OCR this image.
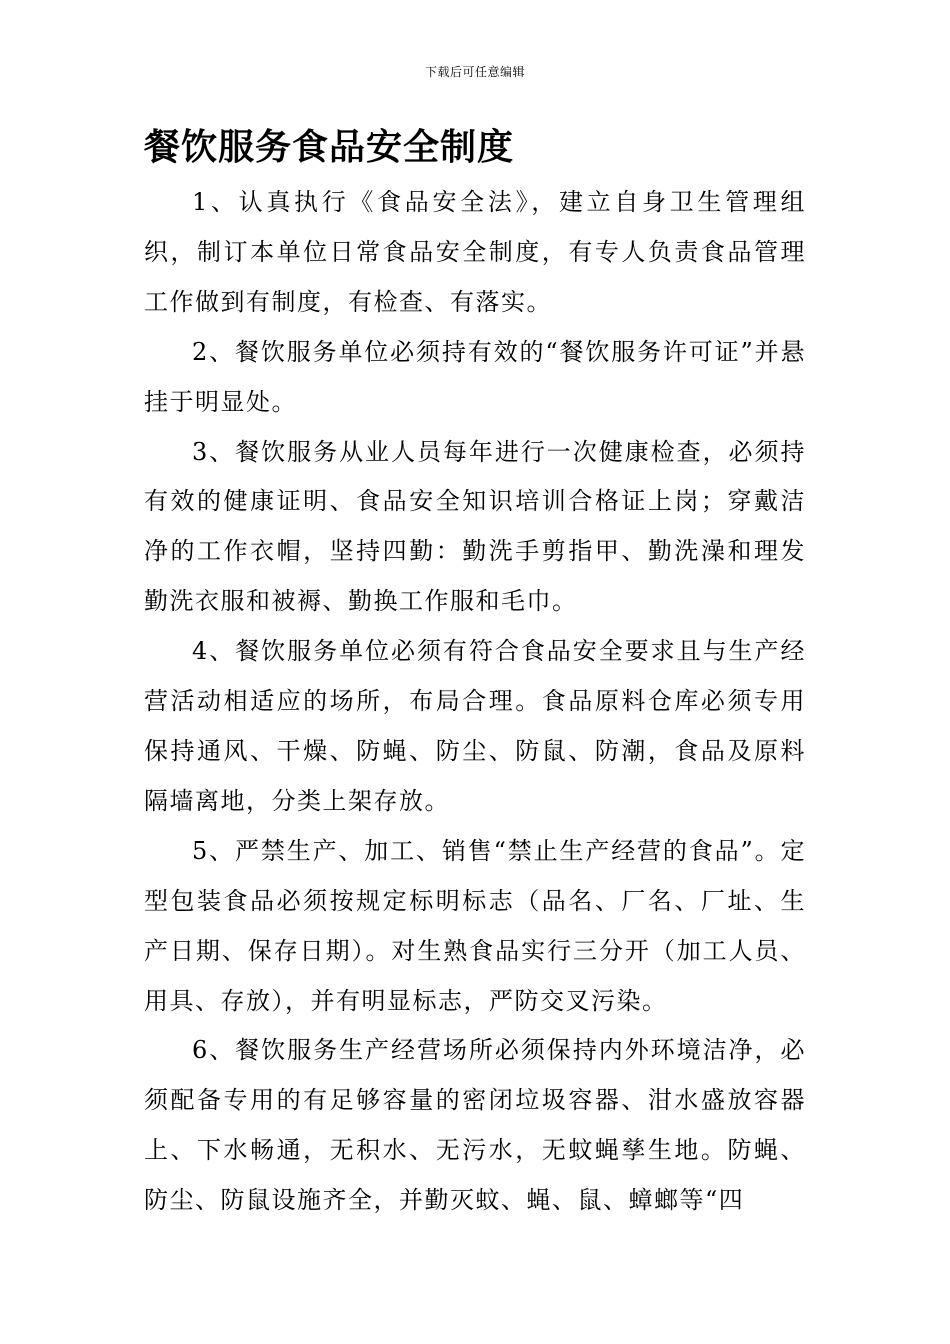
下载后可任意编辑
餐饮服务食品安全制度

1、认真执行《食品安全法》，建立自身卫生管理组织，制订本单位日常食品安全制度，有专人负责食品管理工作做到有制度，有检查、有落实。

2、餐饮服务单位必须持有效的“餐饮服务许可证”并悬挂于明显处。

3、餐饮服务从业人员每年进行一次健康检查，必须持有效的健康证明、食品安全知识培训合格证上岗；穿戴洁净的工作衣帽，坚持四勤：勤洗手剪指甲、勤洗澡和理发勤洗衣服和被褥、勤换工作服和毛巾。

4、餐饮服务单位必须有符合食品安全要求且与生产经营活动相适应的场所，布局合理。食品原料仓库必须专用保持通风、干燥、防蝇、防尘、防鼠、防潮，食品及原料隔墙离地，分类上架存放。

5、严禁生产、加工、销售“禁止生产经营的食品”。定型包装食品必须按规定标明标志（品名、厂名、厂址、生产日期、保存日期）。对生熟食品实行三分开（加工人员、用具、存放），并有明显标志，严防交叉污染。

6、餐饮服务生产经营场所必须保持内外环境洁净，必须配备专用的有足够容量的密闭垃圾容器、泔水盛放容器上、下水畅通，无积水、无污水，无蚊蝇孳生地。防蝇、防尘、防鼠设施齐全，并勤灭蚊、蝇、鼠、蟑螂等“四
